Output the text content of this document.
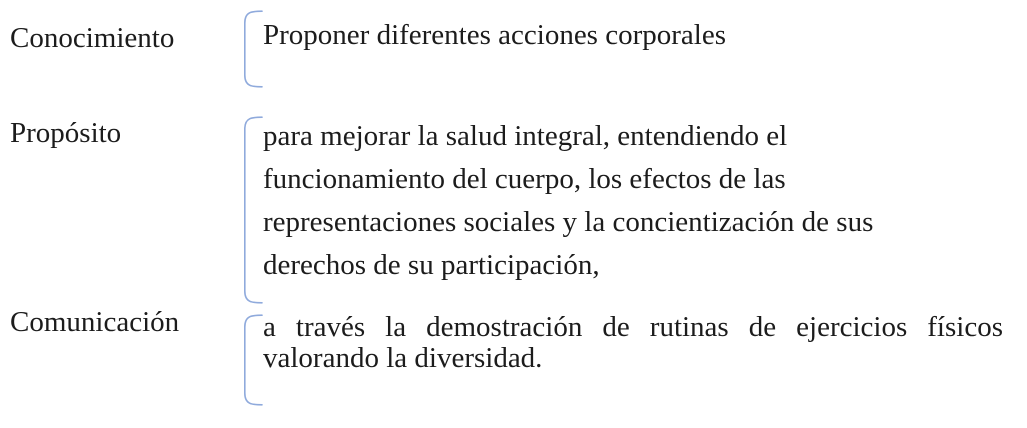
Conocimiento	Proponer diferentes acciones corporales
Propósito	para mejorar la salud integral, entendiendo el
funcionamiento del cuerpo, los efectos de las
representaciones sociales y la concientización de sus
derechos de su participación,
Comunicación	a través la demostración de rutinas de ejercicios físicos
valorando la diversidad.
